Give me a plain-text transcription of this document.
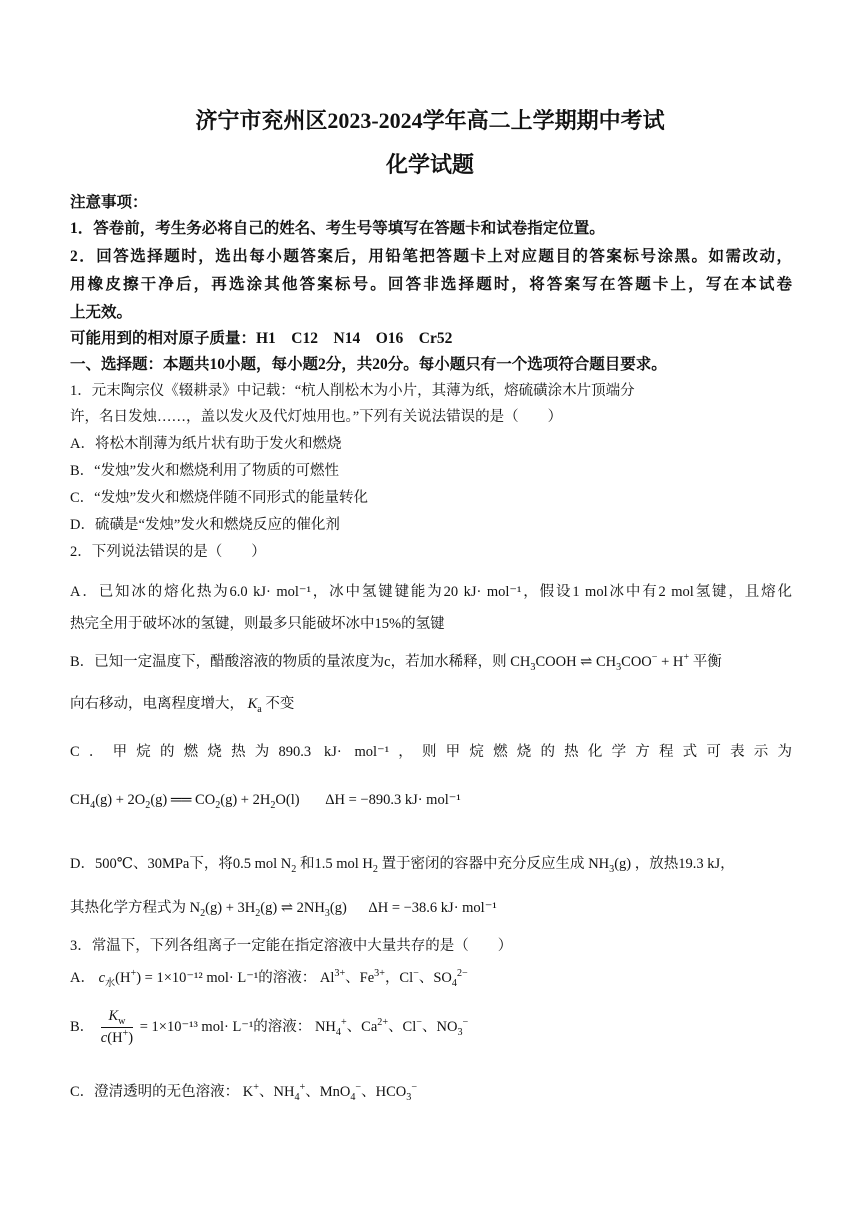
济宁市兖州区2023-2024学年高二上学期期中考试
化学试题
注意事项：
1．答卷前，考生务必将自己的姓名、考生号等填写在答题卡和试卷指定位置。
2．回答选择题时，选出每小题答案后，用铅笔把答题卡上对应题目的答案标号涂黑。如需改动，
用橡皮擦干净后，再选涂其他答案标号。回答非选择题时，将答案写在答题卡上，写在本试卷
上无效。
可能用到的相对原子质量：H1　C12　N14　O16　Cr52
一、选择题：本题共10小题，每小题2分，共20分。每小题只有一个选项符合题目要求。
1．元末陶宗仪《辍耕录》中记载：“杭人削松木为小片，其薄为纸，熔硫磺涂木片顶端分
许，名日发烛……，盖以发火及代灯烛用也。”下列有关说法错误的是（　　）
A．将松木削薄为纸片状有助于发火和燃烧
B．“发烛”发火和燃烧利用了物质的可燃性
C．“发烛”发火和燃烧伴随不同形式的能量转化
D．硫磺是“发烛”发火和燃烧反应的催化剂
2．下列说法错误的是（　　）
A．已知冰的熔化热为6.0 kJ· mol⁻¹，冰中氢键键能为20 kJ· mol⁻¹，假设1 mol冰中有2 mol氢键，且熔化
热完全用于破坏冰的氢键，则最多只能破坏冰中15%的氢键
B．已知一定温度下，醋酸溶液的物质的量浓度为c，若加水稀释，则 $CH_3COOH$ ⇌ $CH_3COO^- + H^+$ 平衡
向右移动，电离程度增大， $K_a$ 不变
C．甲烷的燃烧热为890.3 kJ· mol⁻¹，则甲烷燃烧的热化学方程式可表示为
$CH_4(g) + 2O_2(g)$ ══ $CO_2(g) + 2H_2O(l) \Delta H = -890.3$ kJ· mol⁻¹
D．500℃、30MPa下，将0.5 mol $N_2$ 和1.5 mol $H_2$ 置于密闭的容器中充分反应生成 $NH_3(g)$ ，放热19.3 kJ，
其热化学方程式为 $N_2(g) + 3H_2(g)$ ⇌ $2NH_3(g) \Delta H = -38.6$ kJ· mol⁻¹
3．常温下，下列各组离子一定能在指定溶液中大量共存的是（　　）
A． $c_水(H^+) = 1\times 10^{-12}$ mol· L⁻¹的溶液： $Al^{3+}$、$Fe^{3+}$，Cl−、$SO_4^{2-}$
B． $\frac{K_w}{c(H^+)} = 1\times 10^{-13}$ mol· L⁻¹的溶液： $NH_4^+$、$Ca^{2+}$、Cl−、$NO_3^-$
C．澄清透明的无色溶液： K+、$NH_4^+$、MnO$_4$−、$HCO_3^-$
